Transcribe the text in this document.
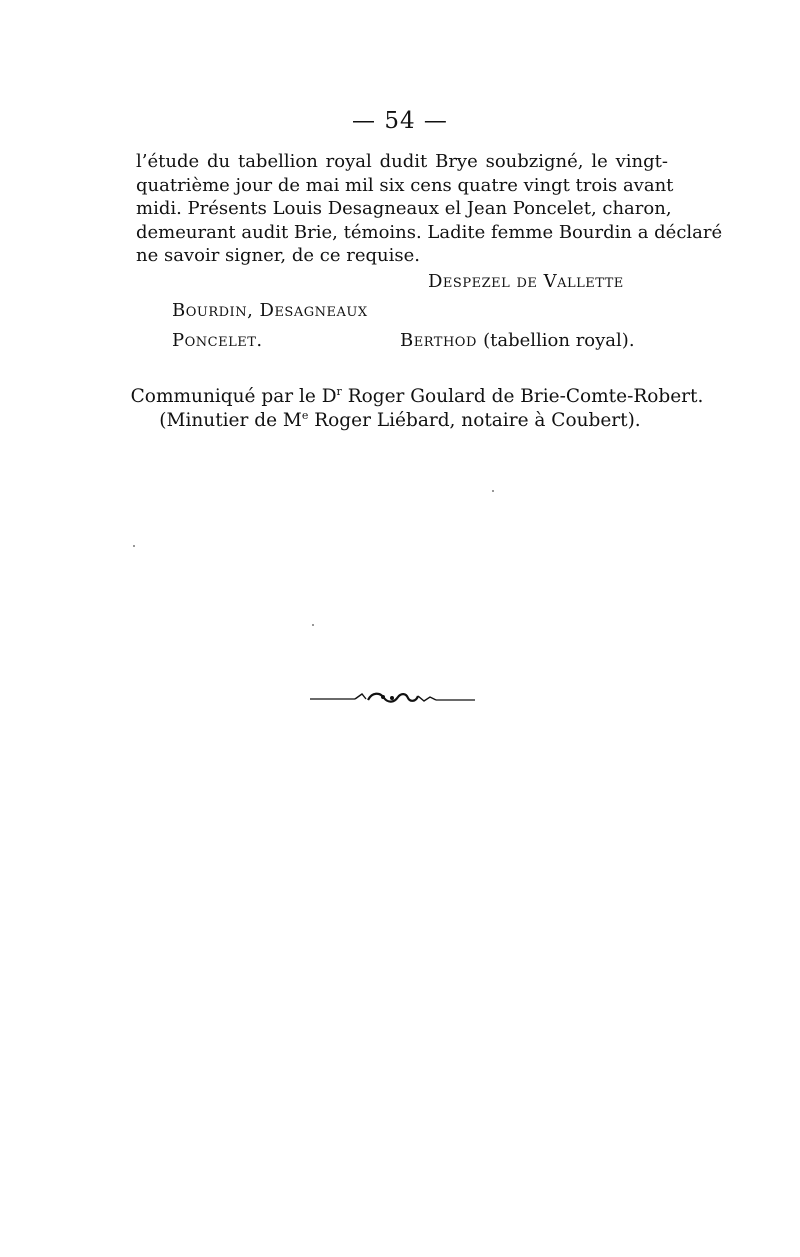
— 54 —
l’étude du tabellion royal dudit Brye soubzigné, le vingt-
quatrième jour de mai mil six cens quatre vingt trois avant
midi. Présents Louis Desagneaux el Jean Poncelet, charon,
demeurant audit Brie, témoins. Ladite femme Bourdin a déclaré
ne savoir signer, de ce requise.
Despezel de Vallette
Bourdin, Desagneaux
Poncelet.	Berthod (tabellion royal).
Communiqué par le $D^r$ Roger Goulard de Brie-Comte-Robert.
(Minutier de Me Roger Liébard, notaire à Coubert).
